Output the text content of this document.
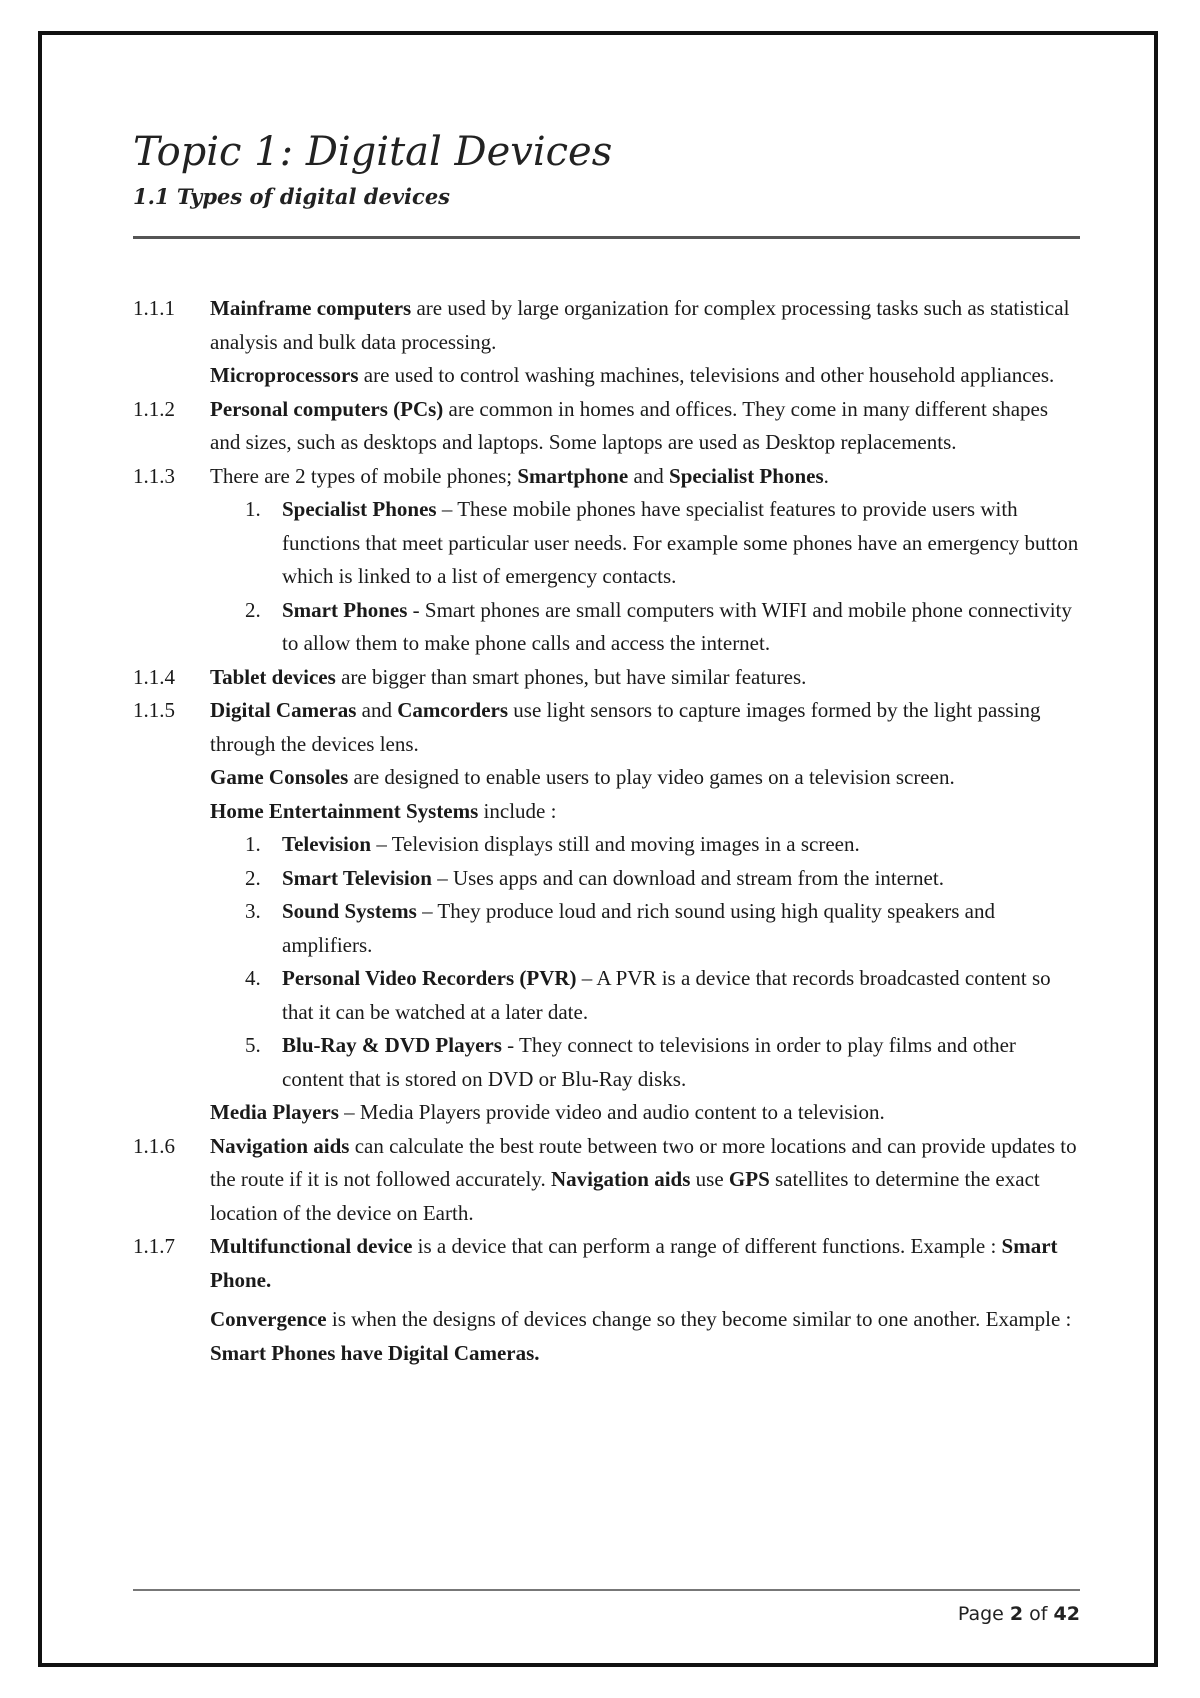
Topic 1: Digital Devices
1.1 Types of digital devices
1.1.1	Mainframe computers are used by large organization for complex processing tasks such as statistical analysis and bulk data processing.

Microprocessors are used to control washing machines, televisions and other household appliances.

1.1.2	Personal computers (PCs) are common in homes and offices. They come in many different shapes and sizes, such as desktops and laptops. Some laptops are used as Desktop replacements.

1.1.3	There are 2 types of mobile phones; Smartphone and Specialist Phones.

1.	Specialist Phones – These mobile phones have specialist features to provide users with functions that meet particular user needs. For example some phones have an emergency button which is linked to a list of emergency contacts.
2.	Smart Phones - Smart phones are small computers with WIFI and mobile phone connectivity to allow them to make phone calls and access the internet.
1.1.4	Tablet devices are bigger than smart phones, but have similar features.

1.1.5	Digital Cameras and Camcorders use light sensors to capture images formed by the light passing through the devices lens.

Game Consoles are designed to enable users to play video games on a television screen.

Home Entertainment Systems include :

1.	Television – Television displays still and moving images in a screen.
2.	Smart Television – Uses apps and can download and stream from the internet.
3.	Sound Systems – They produce loud and rich sound using high quality speakers and amplifiers.
4.	Personal Video Recorders (PVR) – A PVR is a device that records broadcasted content so that it can be watched at a later date.
5.	Blu-Ray & DVD Players - They connect to televisions in order to play films and other content that is stored on DVD or Blu-Ray disks.

Media Players – Media Players provide video and audio content to a television.

1.1.6	Navigation aids can calculate the best route between two or more locations and can provide updates to the route if it is not followed accurately. Navigation aids use GPS satellites to determine the exact location of the device on Earth.

1.1.7	Multifunctional device is a device that can perform a range of different functions. Example : Smart Phone.

Convergence is when the designs of devices change so they become similar to one another. Example : Smart Phones have Digital Cameras.

Page 2 of 42
